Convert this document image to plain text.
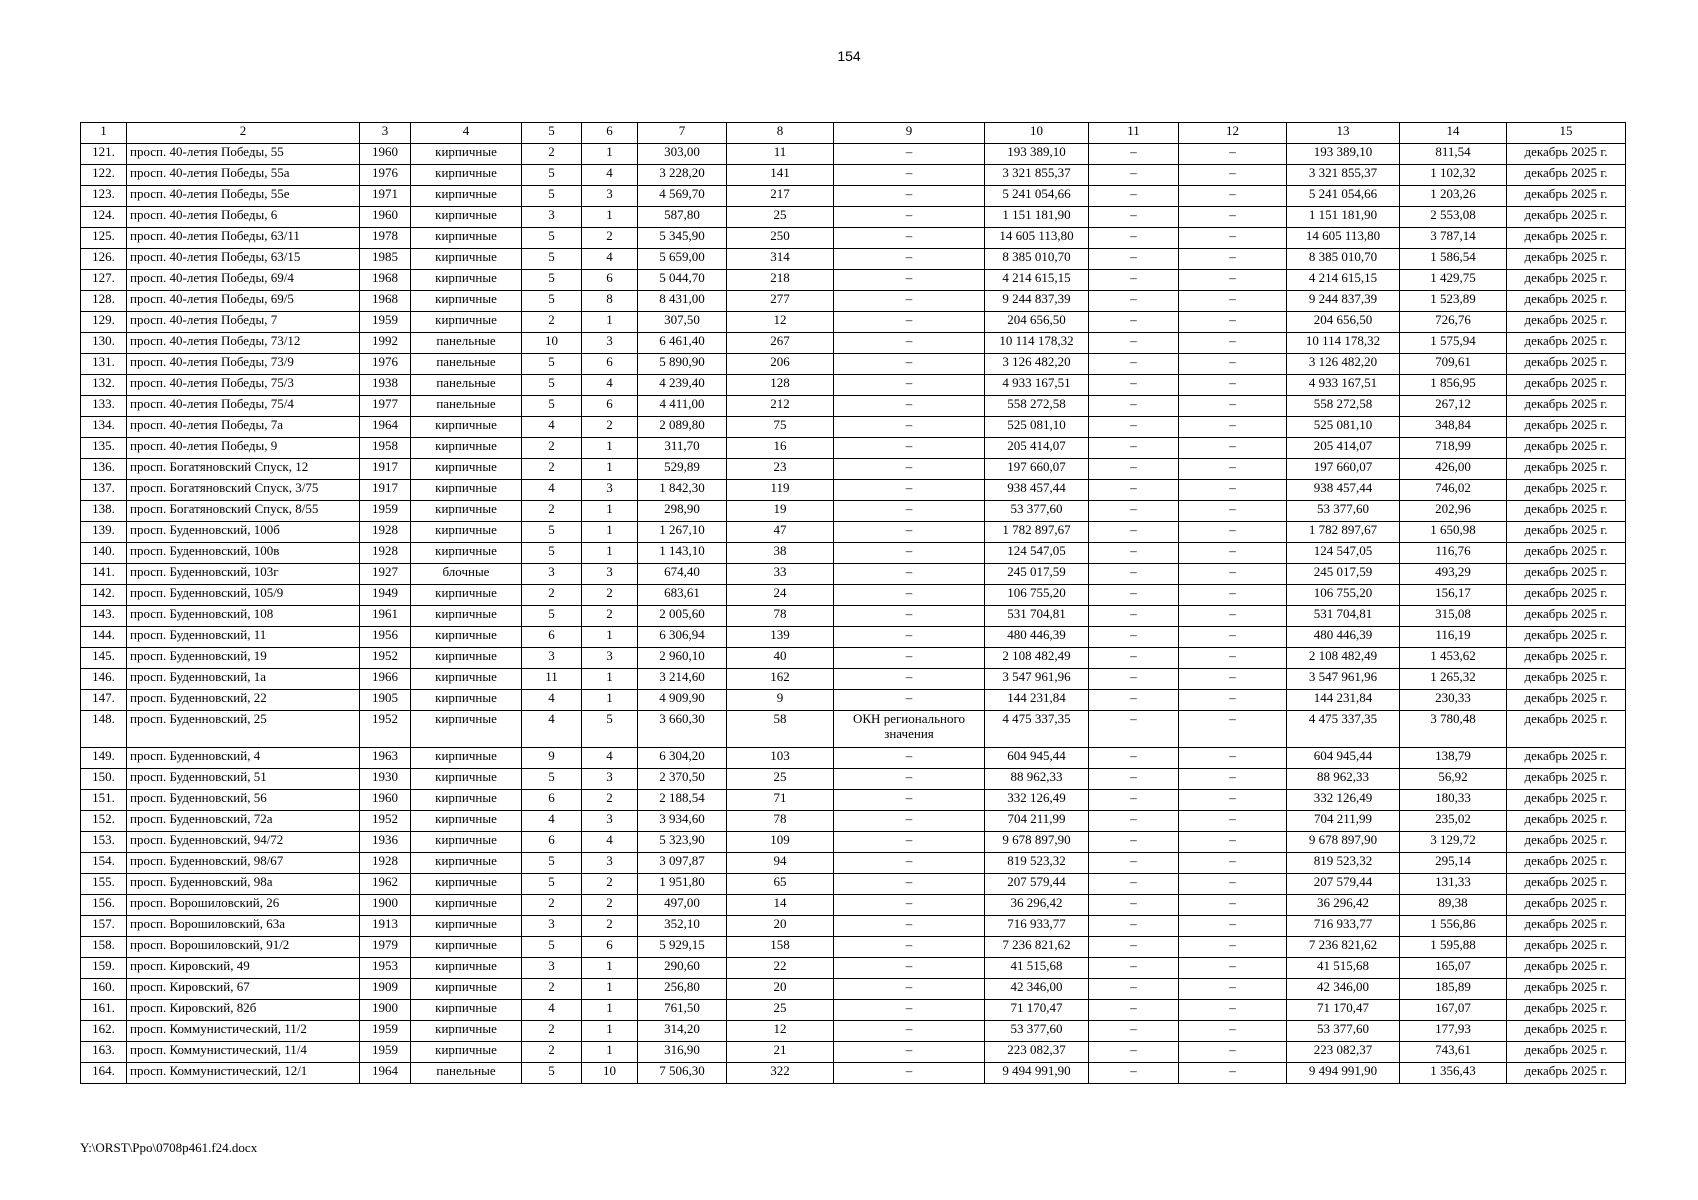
154
1	2	3	4	5	6	7	8	9	10	11	12	13	14	15
121.	просп. 40-летия Победы, 55	1960	кирпичные	2	1	303,00	11	–	193 389,10	–	–	193 389,10	811,54	декабрь 2025 г.
122.	просп. 40-летия Победы, 55а	1976	кирпичные	5	4	3 228,20	141	–	3 321 855,37	–	–	3 321 855,37	1 102,32	декабрь 2025 г.
123.	просп. 40-летия Победы, 55е	1971	кирпичные	5	3	4 569,70	217	–	5 241 054,66	–	–	5 241 054,66	1 203,26	декабрь 2025 г.
124.	просп. 40-летия Победы, 6	1960	кирпичные	3	1	587,80	25	–	1 151 181,90	–	–	1 151 181,90	2 553,08	декабрь 2025 г.
125.	просп. 40-летия Победы, 63/11	1978	кирпичные	5	2	5 345,90	250	–	14 605 113,80	–	–	14 605 113,80	3 787,14	декабрь 2025 г.
126.	просп. 40-летия Победы, 63/15	1985	кирпичные	5	4	5 659,00	314	–	8 385 010,70	–	–	8 385 010,70	1 586,54	декабрь 2025 г.
127.	просп. 40-летия Победы, 69/4	1968	кирпичные	5	6	5 044,70	218	–	4 214 615,15	–	–	4 214 615,15	1 429,75	декабрь 2025 г.
128.	просп. 40-летия Победы, 69/5	1968	кирпичные	5	8	8 431,00	277	–	9 244 837,39	–	–	9 244 837,39	1 523,89	декабрь 2025 г.
129.	просп. 40-летия Победы, 7	1959	кирпичные	2	1	307,50	12	–	204 656,50	–	–	204 656,50	726,76	декабрь 2025 г.
130.	просп. 40-летия Победы, 73/12	1992	панельные	10	3	6 461,40	267	–	10 114 178,32	–	–	10 114 178,32	1 575,94	декабрь 2025 г.
131.	просп. 40-летия Победы, 73/9	1976	панельные	5	6	5 890,90	206	–	3 126 482,20	–	–	3 126 482,20	709,61	декабрь 2025 г.
132.	просп. 40-летия Победы, 75/3	1938	панельные	5	4	4 239,40	128	–	4 933 167,51	–	–	4 933 167,51	1 856,95	декабрь 2025 г.
133.	просп. 40-летия Победы, 75/4	1977	панельные	5	6	4 411,00	212	–	558 272,58	–	–	558 272,58	267,12	декабрь 2025 г.
134.	просп. 40-летия Победы, 7а	1964	кирпичные	4	2	2 089,80	75	–	525 081,10	–	–	525 081,10	348,84	декабрь 2025 г.
135.	просп. 40-летия Победы, 9	1958	кирпичные	2	1	311,70	16	–	205 414,07	–	–	205 414,07	718,99	декабрь 2025 г.
136.	просп. Богатяновский Спуск, 12	1917	кирпичные	2	1	529,89	23	–	197 660,07	–	–	197 660,07	426,00	декабрь 2025 г.
137.	просп. Богатяновский Спуск, 3/75	1917	кирпичные	4	3	1 842,30	119	–	938 457,44	–	–	938 457,44	746,02	декабрь 2025 г.
138.	просп. Богатяновский Спуск, 8/55	1959	кирпичные	2	1	298,90	19	–	53 377,60	–	–	53 377,60	202,96	декабрь 2025 г.
139.	просп. Буденновский, 100б	1928	кирпичные	5	1	1 267,10	47	–	1 782 897,67	–	–	1 782 897,67	1 650,98	декабрь 2025 г.
140.	просп. Буденновский, 100в	1928	кирпичные	5	1	1 143,10	38	–	124 547,05	–	–	124 547,05	116,76	декабрь 2025 г.
141.	просп. Буденновский, 103г	1927	блочные	3	3	674,40	33	–	245 017,59	–	–	245 017,59	493,29	декабрь 2025 г.
142.	просп. Буденновский, 105/9	1949	кирпичные	2	2	683,61	24	–	106 755,20	–	–	106 755,20	156,17	декабрь 2025 г.
143.	просп. Буденновский, 108	1961	кирпичные	5	2	2 005,60	78	–	531 704,81	–	–	531 704,81	315,08	декабрь 2025 г.
144.	просп. Буденновский, 11	1956	кирпичные	6	1	6 306,94	139	–	480 446,39	–	–	480 446,39	116,19	декабрь 2025 г.
145.	просп. Буденновский, 19	1952	кирпичные	3	3	2 960,10	40	–	2 108 482,49	–	–	2 108 482,49	1 453,62	декабрь 2025 г.
146.	просп. Буденновский, 1а	1966	кирпичные	11	1	3 214,60	162	–	3 547 961,96	–	–	3 547 961,96	1 265,32	декабрь 2025 г.
147.	просп. Буденновский, 22	1905	кирпичные	4	1	4 909,90	9	–	144 231,84	–	–	144 231,84	230,33	декабрь 2025 г.
148.	просп. Буденновский, 25	1952	кирпичные	4	5	3 660,30	58	ОКН регионального значения	4 475 337,35	–	–	4 475 337,35	3 780,48	декабрь 2025 г.
149.	просп. Буденновский, 4	1963	кирпичные	9	4	6 304,20	103	–	604 945,44	–	–	604 945,44	138,79	декабрь 2025 г.
150.	просп. Буденновский, 51	1930	кирпичные	5	3	2 370,50	25	–	88 962,33	–	–	88 962,33	56,92	декабрь 2025 г.
151.	просп. Буденновский, 56	1960	кирпичные	6	2	2 188,54	71	–	332 126,49	–	–	332 126,49	180,33	декабрь 2025 г.
152.	просп. Буденновский, 72а	1952	кирпичные	4	3	3 934,60	78	–	704 211,99	–	–	704 211,99	235,02	декабрь 2025 г.
153.	просп. Буденновский, 94/72	1936	кирпичные	6	4	5 323,90	109	–	9 678 897,90	–	–	9 678 897,90	3 129,72	декабрь 2025 г.
154.	просп. Буденновский, 98/67	1928	кирпичные	5	3	3 097,87	94	–	819 523,32	–	–	819 523,32	295,14	декабрь 2025 г.
155.	просп. Буденновский, 98а	1962	кирпичные	5	2	1 951,80	65	–	207 579,44	–	–	207 579,44	131,33	декабрь 2025 г.
156.	просп. Ворошиловский, 26	1900	кирпичные	2	2	497,00	14	–	36 296,42	–	–	36 296,42	89,38	декабрь 2025 г.
157.	просп. Ворошиловский, 63а	1913	кирпичные	3	2	352,10	20	–	716 933,77	–	–	716 933,77	1 556,86	декабрь 2025 г.
158.	просп. Ворошиловский, 91/2	1979	кирпичные	5	6	5 929,15	158	–	7 236 821,62	–	–	7 236 821,62	1 595,88	декабрь 2025 г.
159.	просп. Кировский, 49	1953	кирпичные	3	1	290,60	22	–	41 515,68	–	–	41 515,68	165,07	декабрь 2025 г.
160.	просп. Кировский, 67	1909	кирпичные	2	1	256,80	20	–	42 346,00	–	–	42 346,00	185,89	декабрь 2025 г.
161.	просп. Кировский, 82б	1900	кирпичные	4	1	761,50	25	–	71 170,47	–	–	71 170,47	167,07	декабрь 2025 г.
162.	просп. Коммунистический, 11/2	1959	кирпичные	2	1	314,20	12	–	53 377,60	–	–	53 377,60	177,93	декабрь 2025 г.
163.	просп. Коммунистический, 11/4	1959	кирпичные	2	1	316,90	21	–	223 082,37	–	–	223 082,37	743,61	декабрь 2025 г.
164.	просп. Коммунистический, 12/1	1964	панельные	5	10	7 506,30	322	–	9 494 991,90	–	–	9 494 991,90	1 356,43	декабрь 2025 г.
Y:\ORST\Ppo\0708p461.f24.docx
